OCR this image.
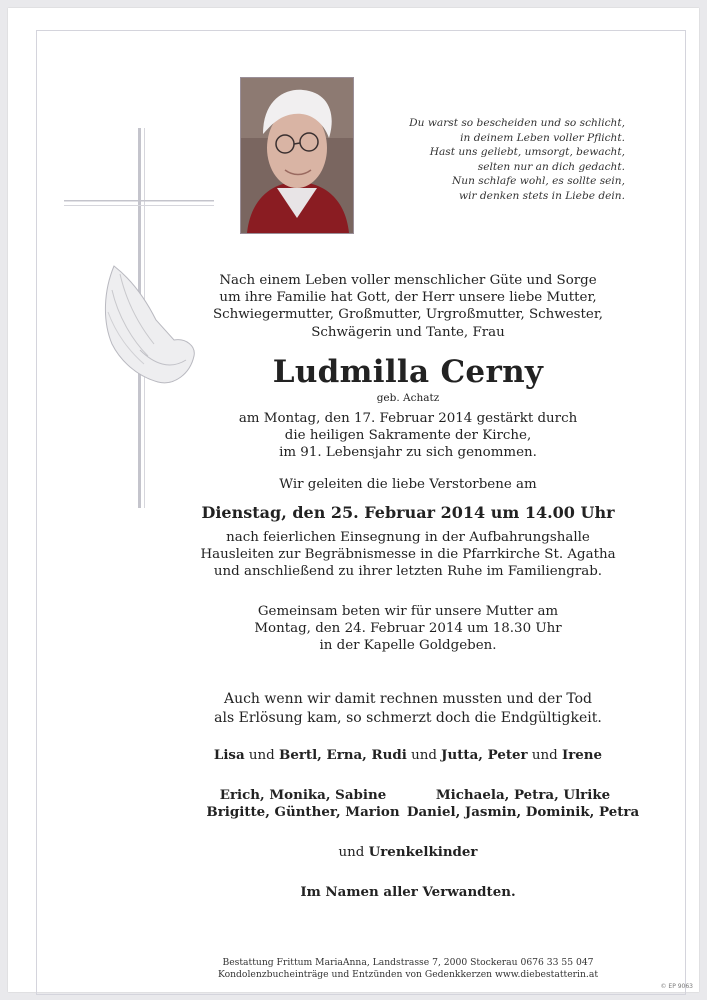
Du warst so bescheiden und so schlicht,
in deinem Leben voller Pflicht.
Hast uns geliebt, umsorgt, bewacht,
selten nur an dich gedacht.
Nun schlafe wohl, es sollte sein,
wir denken stets in Liebe dein.
Nach einem Leben voller menschlicher Güte und Sorge
um ihre Familie hat Gott, der Herr unsere liebe Mutter,
Schwiegermutter, Großmutter, Urgroßmutter, Schwester,
Schwägerin und Tante, Frau
Ludmilla Cerny
geb. Achatz
am Montag, den 17. Februar 2014 gestärkt durch
die heiligen Sakramente der Kirche,
im 91. Lebensjahr zu sich genommen.
Wir geleiten die liebe Verstorbene am
Dienstag, den 25. Februar 2014 um 14.00 Uhr
nach feierlichen Einsegnung in der Aufbahrungshalle
Hausleiten zur Begräbnismesse in die Pfarrkirche St. Agatha
und anschließend zu ihrer letzten Ruhe im Familiengrab.
Gemeinsam beten wir für unsere Mutter am
Montag, den 24. Februar 2014 um 18.30 Uhr
in der Kapelle Goldgeben.
Auch wenn wir damit rechnen mussten und der Tod
als Erlösung kam, so schmerzt doch die Endgültigkeit.
Lisa und Bertl, Erna, Rudi und Jutta, Peter und Irene
Erich, Monika, Sabine
Brigitte, Günther, Marion
Michaela, Petra, Ulrike
Daniel, Jasmin, Dominik, Petra
und Urenkelkinder
Im Namen aller Verwandten.
Bestattung Frittum MariaAnna, Landstrasse 7, 2000 Stockerau 0676 33 55 047
Kondolenzbucheinträge und Entzünden von Gedenkkerzen www.diebestatterin.at
© EP 9063
